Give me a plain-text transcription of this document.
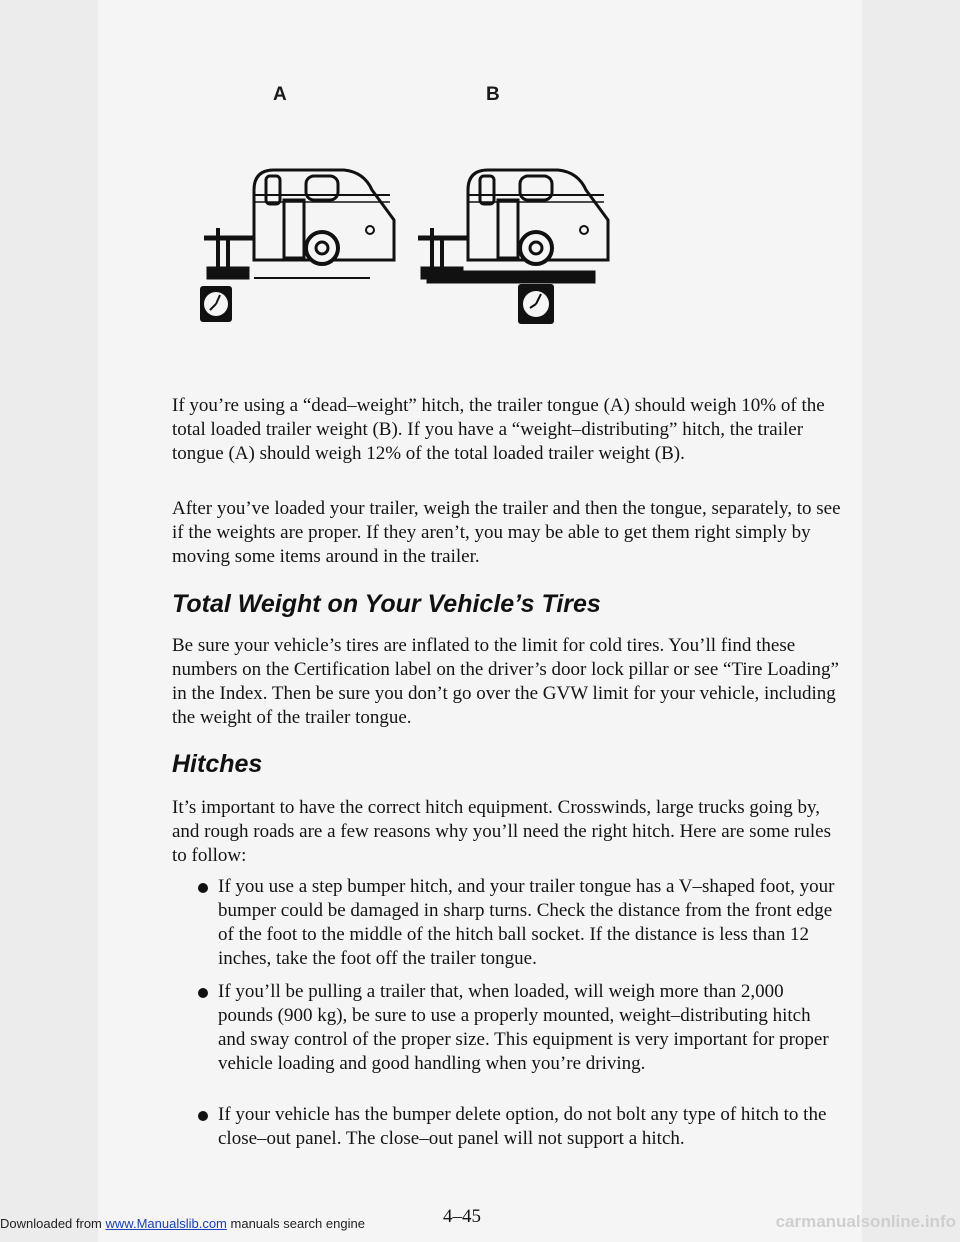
A	B

If you’re using a “dead–weight” hitch, the trailer tongue (A) should weigh 10% of the total loaded trailer weight (B). If you have a “weight–distributing” hitch, the trailer tongue (A) should weigh 12% of the total loaded trailer weight (B).

After you’ve loaded your trailer, weigh the trailer and then the tongue, separately, to see if the weights are proper. If they aren’t, you may be able to get them right simply by moving some items around in the trailer.

Total Weight on Your Vehicle’s Tires

Be sure your vehicle’s tires are inflated to the limit for cold tires. You’ll find these numbers on the Certification label on the driver’s door lock pillar or see “Tire Loading” in the Index. Then be sure you don’t go over the GVW limit for your vehicle, including the weight of the trailer tongue.

Hitches

It’s important to have the correct hitch equipment. Crosswinds, large trucks going by, and rough roads are a few reasons why you’ll need the right hitch. Here are some rules to follow:

If you use a step bumper hitch, and your trailer tongue has a V–shaped foot, your bumper could be damaged in sharp turns. Check the distance from the front edge of the foot to the middle of the hitch ball socket. If the distance is less than 12 inches, take the foot off the trailer tongue.

If you’ll be pulling a trailer that, when loaded, will weigh more than 2,000 pounds (900 kg), be sure to use a properly mounted, weight–distributing hitch and sway control of the proper size. This equipment is very important for proper vehicle loading and good handling when you’re driving.

If your vehicle has the bumper delete option, do not bolt any type of hitch to the close–out panel. The close–out panel will not support a hitch.

4–45
Downloaded from www.Manualslib.com manuals search engine	carmanualsonline.info
